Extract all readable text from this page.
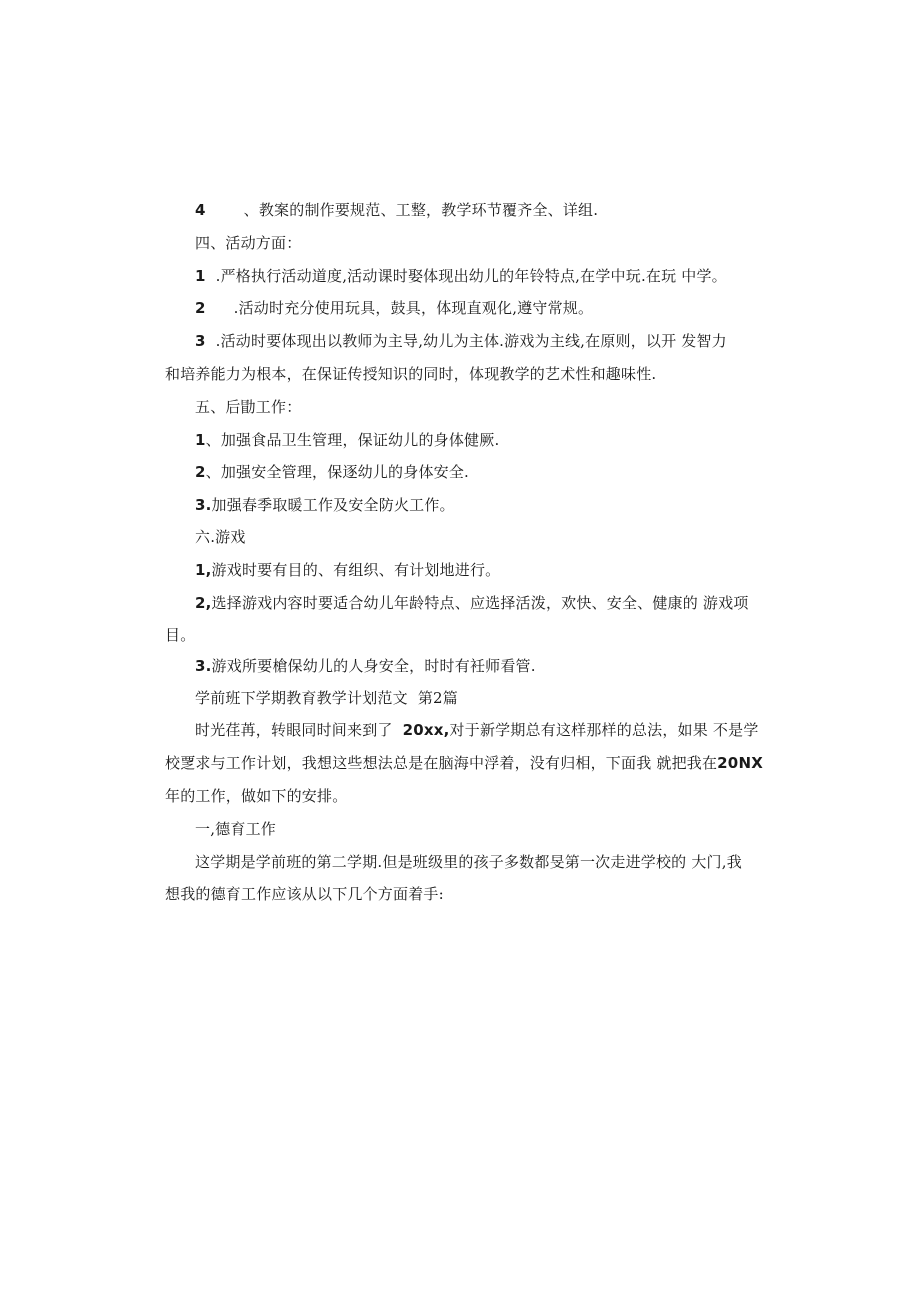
4	、教案的制作要规范、工整，教学环节覆齐全、详组.
四、活动方面：
1 .严格执行活动道度,活动课时娶体现出幼儿的年铃特点,在学中玩.在玩 中学。
2 .活动时充分使用玩具，鼓具，体现直观化,遵守常规。
3 .活动时要体现出以教师为主导,幼儿为主体.游戏为主线,在原则，以开 发智力
和培养能力为根本，在保证传授知识的同时，体现教学的艺术性和趣味性.
五、后勖工作：
1、加强食品卫生管理，保证幼儿的身体健厥.
2、加强安全管理，保逐幼儿的身体安全.
3.加强春季取暖工作及安全防火工作。
六.游戏
1,游戏时要有目的、有组织、有计划地进行。
2,选择游戏内容时要适合幼儿年龄特点、应选择活泼，欢快、安全、健康的 游戏项
目。
3.游戏所要槍保幼儿的人身安全，时时有衽师看管.
学前班下学期教育教学计划范文 第2篇
时光荏苒，转眼同时间来到了 20xx,对于新学期总有这样那样的总法，如果 不是学
校覂求与工作计划，我想这些想法总是在脑海中浮着，没有归相，下面我 就把我在20NX
年的工作，做如下的安排。
一,德育工作
这学期是学前班的第二学期.但是班级里的孩子多数都旻第一次走进学校的 大门,我
想我的德育工作应该从以下几个方面着手:
